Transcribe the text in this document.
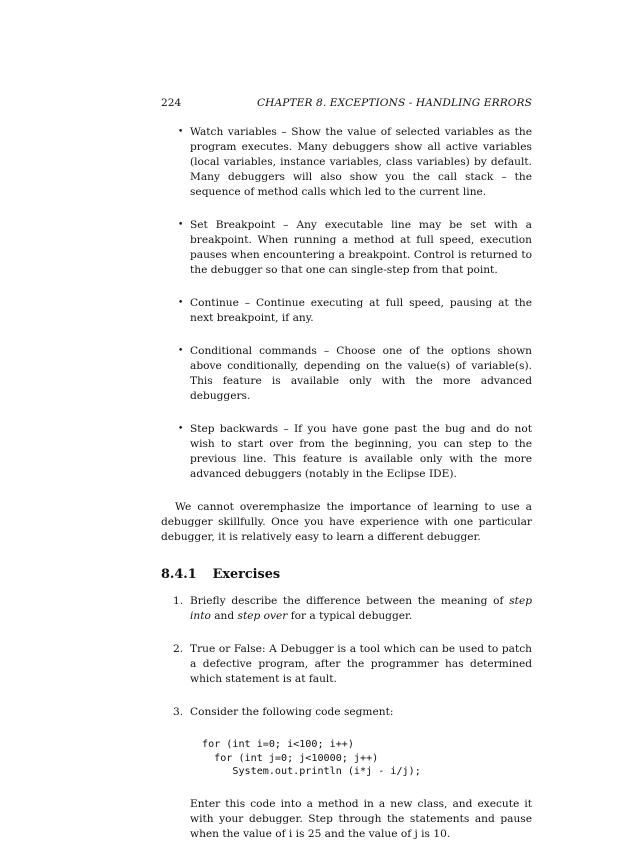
224	CHAPTER 8. EXCEPTIONS - HANDLING ERRORS
• Watch variables – Show the value of selected variables as the program executes. Many debuggers show all active variables (local variables, instance variables, class variables) by default. Many debuggers will also show you the call stack – the sequence of method calls which led to the current line.
• Set Breakpoint – Any executable line may be set with a breakpoint. When running a method at full speed, execution pauses when encountering a breakpoint. Control is returned to the debugger so that one can single-step from that point.
• Continue – Continue executing at full speed, pausing at the next breakpoint, if any.
• Conditional commands – Choose one of the options shown above conditionally, depending on the value(s) of variable(s). This feature is available only with the more advanced debuggers.
• Step backwards – If you have gone past the bug and do not wish to start over from the beginning, you can step to the previous line. This feature is available only with the more advanced debuggers (notably in the Eclipse IDE).

We cannot overemphasize the importance of learning to use a debugger skillfully. Once you have experience with one particular debugger, it is relatively easy to learn a different debugger.

8.4.1 Exercises
1. Briefly describe the difference between the meaning of step into and step over for a typical debugger.
2. True or False: A Debugger is a tool which can be used to patch a defective program, after the programmer has determined which statement is at fault.
3. Consider the following code segment:
for (int i=0; i<100; i++)
for (int j=0; j<10000; j++)
System.out.println (i*j - i/j);
Enter this code into a method in a new class, and execute it with your debugger. Step through the statements and pause when the value of i is 25 and the value of j is 10.
